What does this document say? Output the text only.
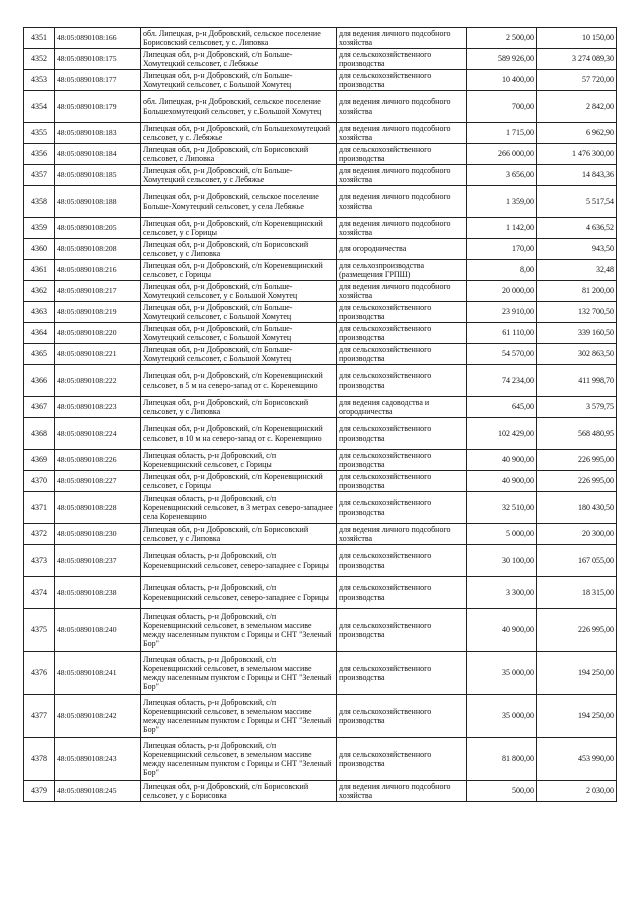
4351	48:05:0890108:166	обл. Липецкая, р-н Добровский, сельское поселение Борисовский сельсовет, у с. Липовка	для ведения личного подсобного хозяйства	2 500,00	10 150,00
4352	48:05:0890108:175	Липецкая обл, р-н Добровский, с/п Больше-Хомутецкий сельсовет, с Лебяжье	для сельскохозяйственного производства	589 926,00	3 274 089,30
4353	48:05:0890108:177	Липецкая обл, р-н Добровский, с/п Больше-Хомутецкий сельсовет, с Большой Хомутец	для сельскохозяйственного производства	10 400,00	57 720,00
4354	48:05:0890108:179	обл. Липецкая, р-н Добровский, сельское поселение Большехомутецкий сельсовет, у с.Большой Хомутец	для ведения личного подсобного хозяйства	700,00	2 842,00
4355	48:05:0890108:183	Липецкая обл, р-н Добровский, с/п Большехомутецкий сельсовет, у с. Лебяжье	для ведения личного подсобного хозяйства	1 715,00	6 962,90
4356	48:05:0890108:184	Липецкая обл, р-н Добровский, с/п Борисовский сельсовет, с Липовка	для сельскохозяйственного производства	266 000,00	1 476 300,00
4357	48:05:0890108:185	Липецкая обл, р-н Добровский, с/п Больше-Хомутецкий сельсовет, у с Лебяжье	для ведения личного подсобного хозяйства	3 656,00	14 843,36
4358	48:05:0890108:188	Липецкая обл, р-н Добровский, сельское поселение Больше-Хомутецкий сельсовет, у села Лебяжье	для ведения личного подсобного хозяйства	1 359,00	5 517,54
4359	48:05:0890108:205	Липецкая обл, р-н Добровский, с/п Кореневщинский сельсовет, у с Горицы	для ведения личного подсобного хозяйства	1 142,00	4 636,52
4360	48:05:0890108:208	Липецкая обл, р-н Добровский, с/п Борисовский сельсовет, у с Липовка	для огородничества	170,00	943,50
4361	48:05:0890108:216	Липецкая обл, р-н Добровский, с/п Кореневщинский сельсовет, с Горицы	для сельхозпроизводства (размещения ГРПШ)	8,00	32,48
4362	48:05:0890108:217	Липецкая обл, р-н Добровский, с/п Больше-Хомутецкий сельсовет, у с Большой Хомутец	для ведения личного подсобного хозяйства	20 000,00	81 200,00
4363	48:05:0890108:219	Липецкая обл, р-н Добровский, с/п Больше-Хомутецкий сельсовет, с Большой Хомутец	для сельскохозяйственного производства	23 910,00	132 700,50
4364	48:05:0890108:220	Липецкая обл, р-н Добровский, с/п Больше-Хомутецкий сельсовет, с Большой Хомутец	для сельскохозяйственного производства	61 110,00	339 160,50
4365	48:05:0890108:221	Липецкая обл, р-н Добровский, с/п Больше-Хомутецкий сельсовет, с Большой Хомутец	для сельскохозяйственного производства	54 570,00	302 863,50
4366	48:05:0890108:222	Липецкая обл, р-н Добровский, с/п Кореневщинский сельсовет, в 5 м на северо-запад от с. Кореневщино	для сельскохозяйственного производства	74 234,00	411 998,70
4367	48:05:0890108:223	Липецкая обл, р-н Добровский, с/п Борисовский сельсовет, у с Липовка	для ведения садоводства и огородничества	645,00	3 579,75
4368	48:05:0890108:224	Липецкая обл, р-н Добровский, с/п Кореневщинский сельсовет, в 10 м на северо-запад от с. Кореневщино	для сельскохозяйственного производства	102 429,00	568 480,95
4369	48:05:0890108:226	Липецкая область, р-н Добровский, с/п Кореневщинский сельсовет, с Горицы	для сельскохозяйственного производства	40 900,00	226 995,00
4370	48:05:0890108:227	Липецкая обл, р-н Добровский, с/п Кореневщинский сельсовет, с Горицы	для сельскохозяйственного производства	40 900,00	226 995,00
4371	48:05:0890108:228	Липецкая область, р-н Добровский, с/п Кореневщинский сельсовет, в 3 метрах северо-западнее села Кореневщино	для сельскохозяйственного производства	32 510,00	180 430,50
4372	48:05:0890108:230	Липецкая обл, р-н Добровский, с/п Борисовский сельсовет, у с Липовка	для ведения личного подсобного хозяйства	5 000,00	20 300,00
4373	48:05:0890108:237	Липецкая область, р-н Добровский, с/п Кореневщинский сельсовет, северо-западнее с Горицы	для сельскохозяйственного производства	30 100,00	167 055,00
4374	48:05:0890108:238	Липецкая область, р-н Добровский, с/п Кореневщинский сельсовет, северо-западнее с Горицы	для сельскохозяйственного производства	3 300,00	18 315,00
4375	48:05:0890108:240	Липецкая область, р-н Добровский, с/п Кореневщинский сельсовет, в земельном массиве между населенным пунктом с Горицы и СНТ "Зеленый Бор"	для сельскохозяйственного производства	40 900,00	226 995,00
4376	48:05:0890108:241	Липецкая область, р-н Добровский, с/п Кореневщинский сельсовет, в земельном массиве между населенным пунктом с Горицы и СНТ "Зеленый Бор"	для сельскохозяйственного производства	35 000,00	194 250,00
4377	48:05:0890108:242	Липецкая область, р-н Добровский, с/п Кореневщинский сельсовет, в земельном массиве между населенным пунктом с Горицы и СНТ "Зеленый Бор"	для сельскохозяйственного производства	35 000,00	194 250,00
4378	48:05:0890108:243	Липецкая область, р-н Добровский, с/п Кореневщинский сельсовет, в земельном массиве между населенным пунктом с Горицы и СНТ "Зеленый Бор"	для сельскохозяйственного производства	81 800,00	453 990,00
4379	48:05:0890108:245	Липецкая обл, р-н Добровский, с/п Борисовский сельсовет, у с Борисовка	для ведения личного подсобного хозяйства	500,00	2 030,00
